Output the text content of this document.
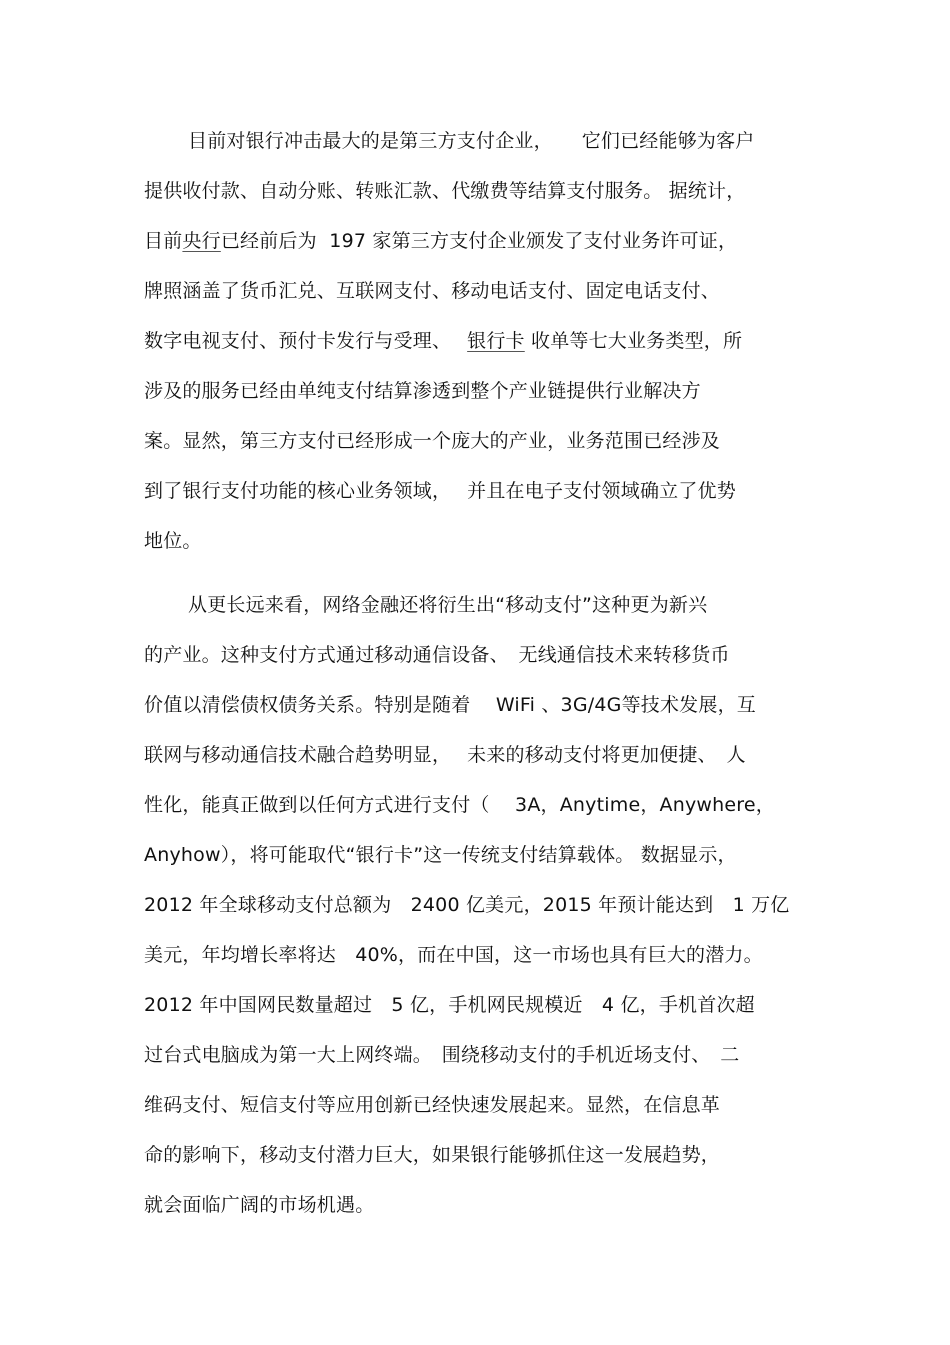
目前对银行冲击最大的是第三方支付企业，　　它们已经能够为客户
提供收付款、自动分账、转账汇款、代缴费等结算支付服务。 据统计，
目前央行已经前后为  197 家第三方支付企业颁发了支付业务许可证，
牌照涵盖了货币汇兑、互联网支付、移动电话支付、固定电话支付、
数字电视支付、预付卡发行与受理、　 银行卡 收单等七大业务类型，所
涉及的服务已经由单纯支付结算渗透到整个产业链提供行业解决方
案。显然，第三方支付已经形成一个庞大的产业，业务范围已经涉及
到了银行支付功能的核心业务领域，　 并且在电子支付领域确立了优势
地位。
从更长远来看，网络金融还将衍生出“移动支付”这种更为新兴
的产业。这种支付方式通过移动通信设备、　无线通信技术来转移货币
价值以清偿债权债务关系。特别是随着　 WiFi 、3G/4G等技术发展，互
联网与移动通信技术融合趋势明显，　 未来的移动支付将更加便捷、　人
性化，能真正做到以任何方式进行支付（　 3A，Anytime，Anywhere，
Anyhow），将可能取代“银行卡”这一传统支付结算载体。 数据显示，
2012 年全球移动支付总额为　2400 亿美元，2015 年预计能达到　1 万亿
美元，年均增长率将达　40%，而在中国，这一市场也具有巨大的潜力。
2012 年中国网民数量超过　5 亿，手机网民规模近　4 亿，手机首次超
过台式电脑成为第一大上网终端。　围绕移动支付的手机近场支付、　二
维码支付、短信支付等应用创新已经快速发展起来。显然，在信息革
命的影响下，移动支付潜力巨大，如果银行能够抓住这一发展趋势，
就会面临广阔的市场机遇。
